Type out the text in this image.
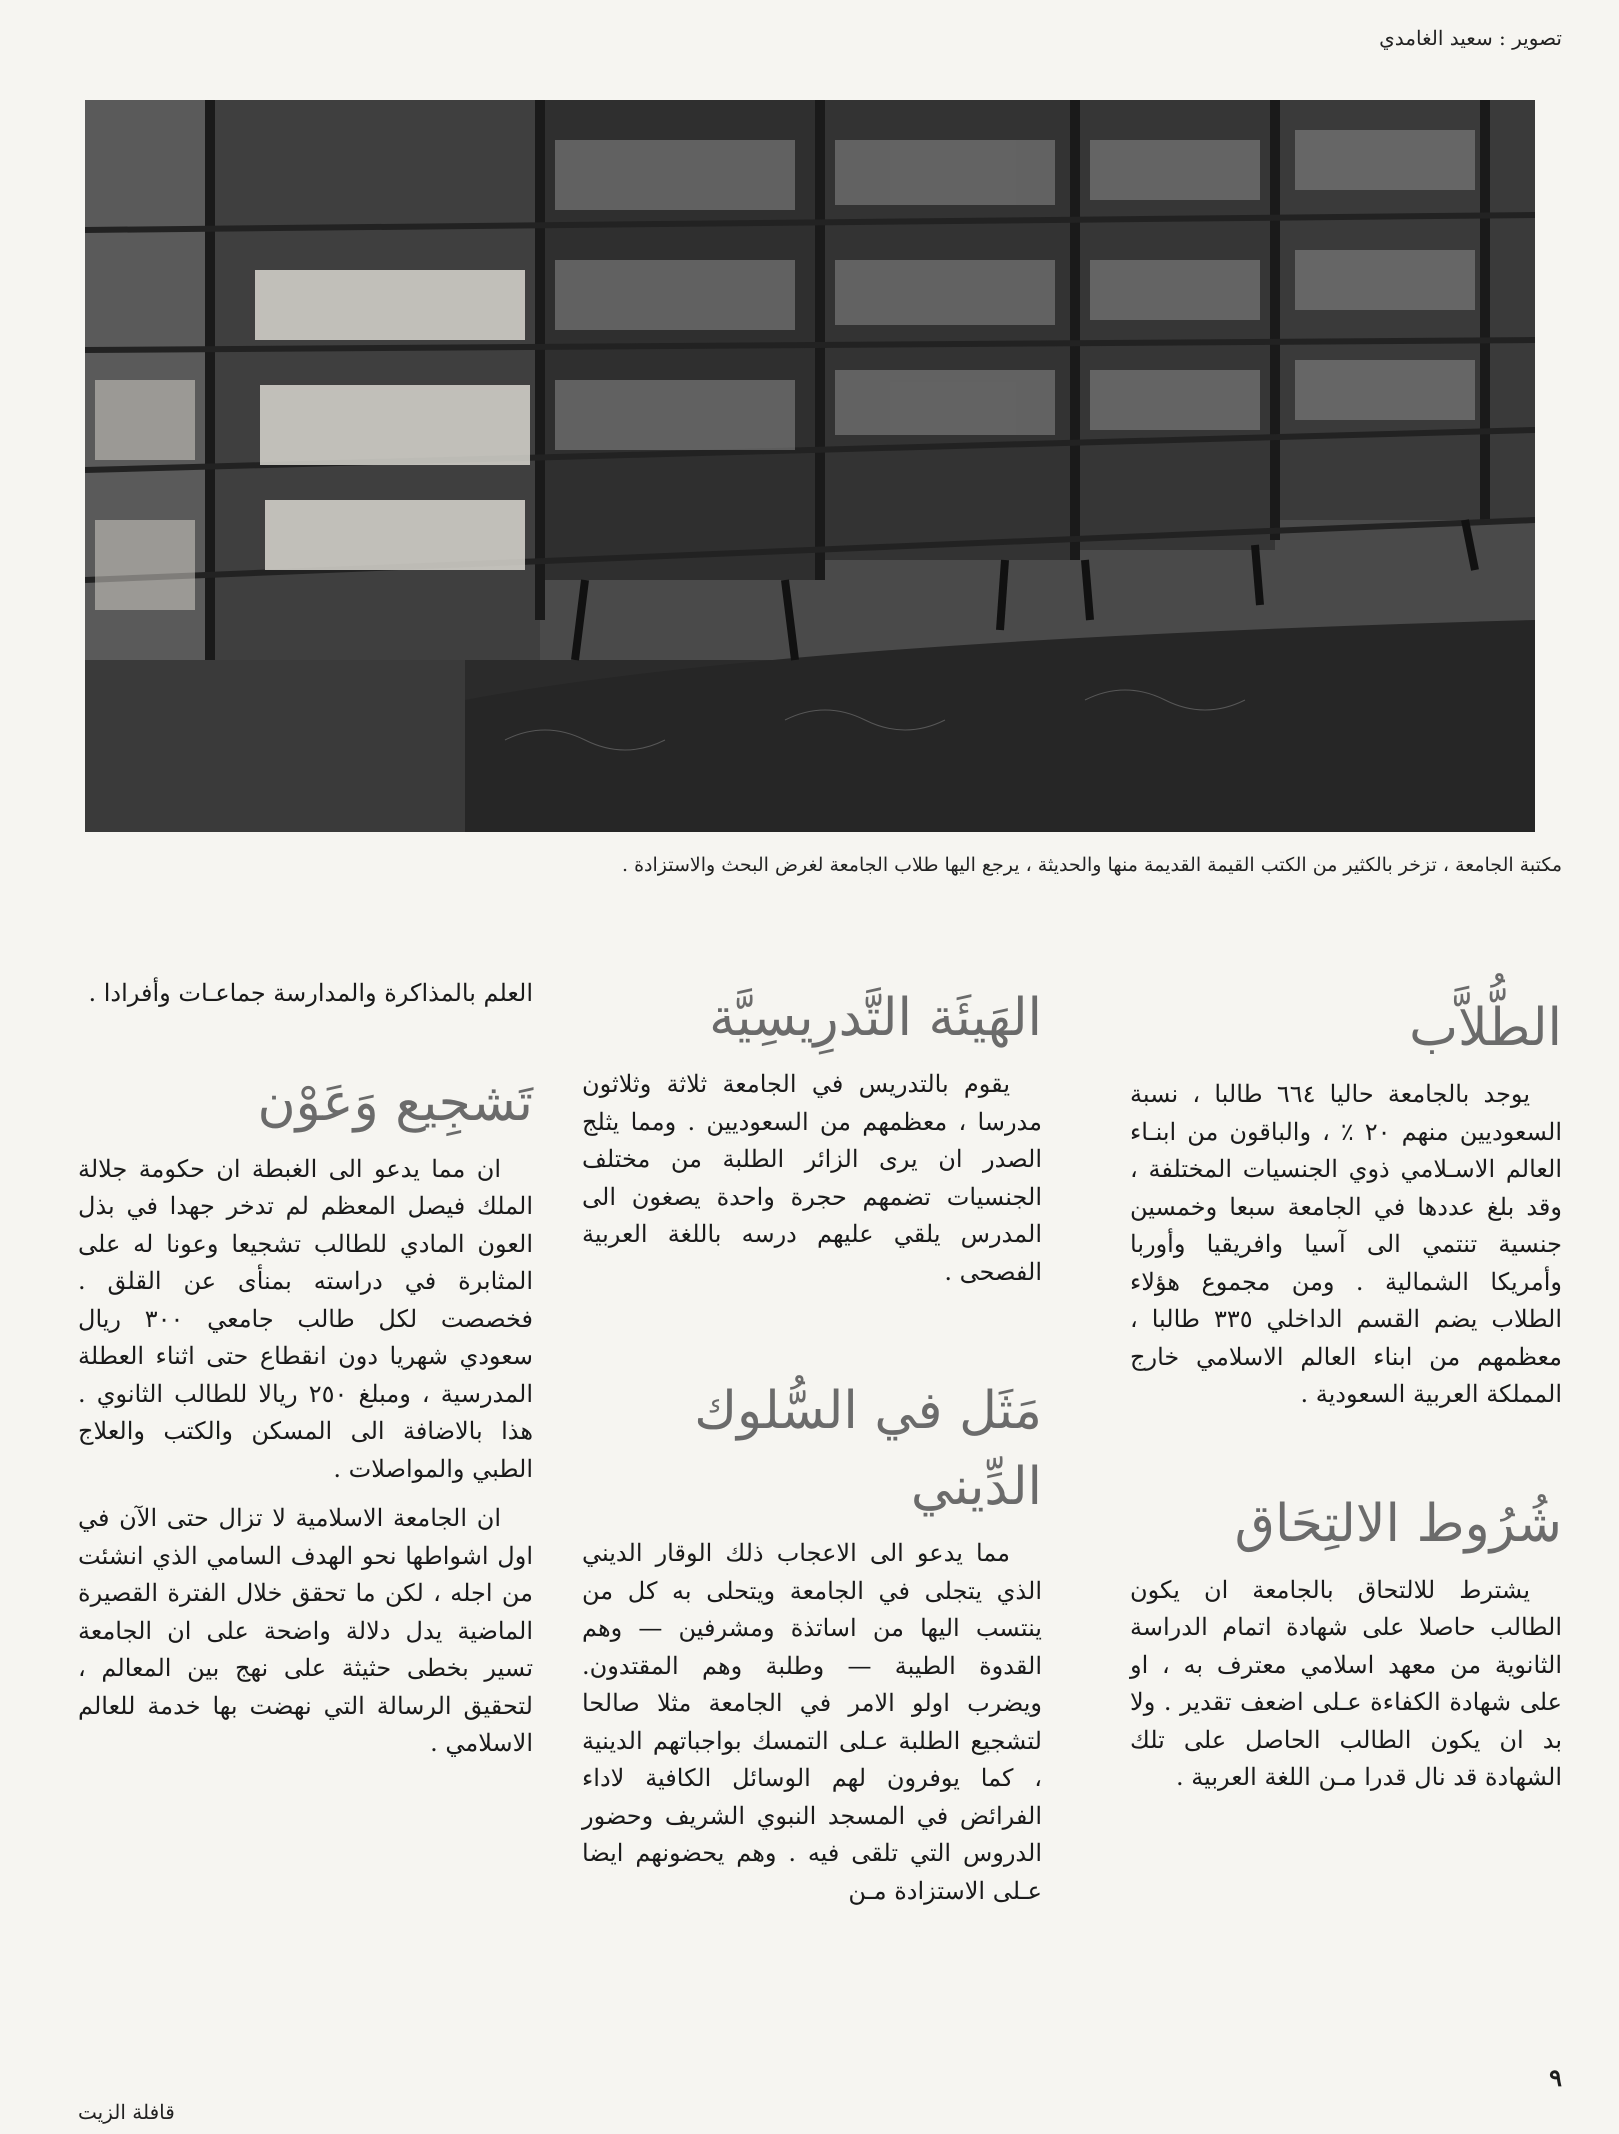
تصوير : سعيد الغامدي
مكتبة الجامعة ، تزخر بالكثير من الكتب القيمة القديمة منها والحديثة ، يرجع اليها طلاب الجامعة لغرض البحث والاستزادة .
الطُّلاَّب

يوجد بالجامعة حاليا ٦٦٤ طالبا ، نسبة السعوديين منهم ٢٠ ٪ ، والباقون من ابنـاء العالم الاسـلامي ذوي الجنسيات المختلفة ، وقد بلغ عددها في الجامعة سبعا وخمسين جنسية تنتمي الى آسيا وافريقيا وأوربا وأمريكا الشمالية . ومن مجموع هؤلاء الطلاب يضم القسم الداخلي ٣٣٥ طالبا ، معظمهم من ابناء العالم الاسلامي خارج المملكة العربية السعودية .

شُرُوط الالتِحَاق

يشترط للالتحاق بالجامعة ان يكون الطالب حاصلا على شهادة اتمام الدراسة الثانوية من معهد اسلامي معترف به ، او على شهادة الكفاءة عـلى اضعف تقدير . ولا بد ان يكون الطالب الحاصل على تلك الشهادة قد نال قدرا مـن اللغة العربية .

الهَيئَة التَّدرِيسِيَّة

يقوم بالتدريس في الجامعة ثلاثة وثلاثون مدرسا ، معظمهم من السعوديين . ومما يثلج الصدر ان يرى الزائر الطلبة من مختلف الجنسيات تضمهم حجرة واحدة يصغون الى المدرس يلقي عليهم درسه باللغة العربية الفصحى .

مَثَل في السُّلوك الدِّيني

مما يدعو الى الاعجاب ذلك الوقار الديني الذي يتجلى في الجامعة ويتحلى به كل من ينتسب اليها من اساتذة ومشرفين — وهم القدوة الطيبة — وطلبة وهم المقتدون. ويضرب اولو الامر في الجامعة مثلا صالحا لتشجيع الطلبة عـلى التمسك بواجباتهم الدينية ، كما يوفرون لهم الوسائل الكافية لاداء الفرائض في المسجد النبوي الشريف وحضور الدروس التي تلقى فيه . وهم يحضونهم ايضا عـلى الاستزادة مـن

العلم بالمذاكرة والمدارسة جماعـات وأفرادا .

تَشجِيع وَعَوْن

ان مما يدعو الى الغبطة ان حكومة جلالة الملك فيصل المعظم لم تدخر جهدا في بذل العون المادي للطالب تشجيعا وعونا له على المثابرة في دراسته بمنأى عن القلق . فخصصت لكل طالب جامعي ٣٠٠ ريال سعودي شهريا دون انقطاع حتى اثناء العطلة المدرسية ، ومبلغ ٢٥٠ ريالا للطالب الثانوي . هذا بالاضافة الى المسكن والكتب والعلاج الطبي والمواصلات .

ان الجامعة الاسلامية لا تزال حتى الآن في اول اشواطها نحو الهدف السامي الذي انشئت من اجله ، لكن ما تحقق خلال الفترة القصيرة الماضية يدل دلالة واضحة على ان الجامعة تسير بخطى حثيثة على نهج بين المعالم ، لتحقيق الرسالة التي نهضت بها خدمة للعالم الاسلامي .

٩
قافلة الزيت
